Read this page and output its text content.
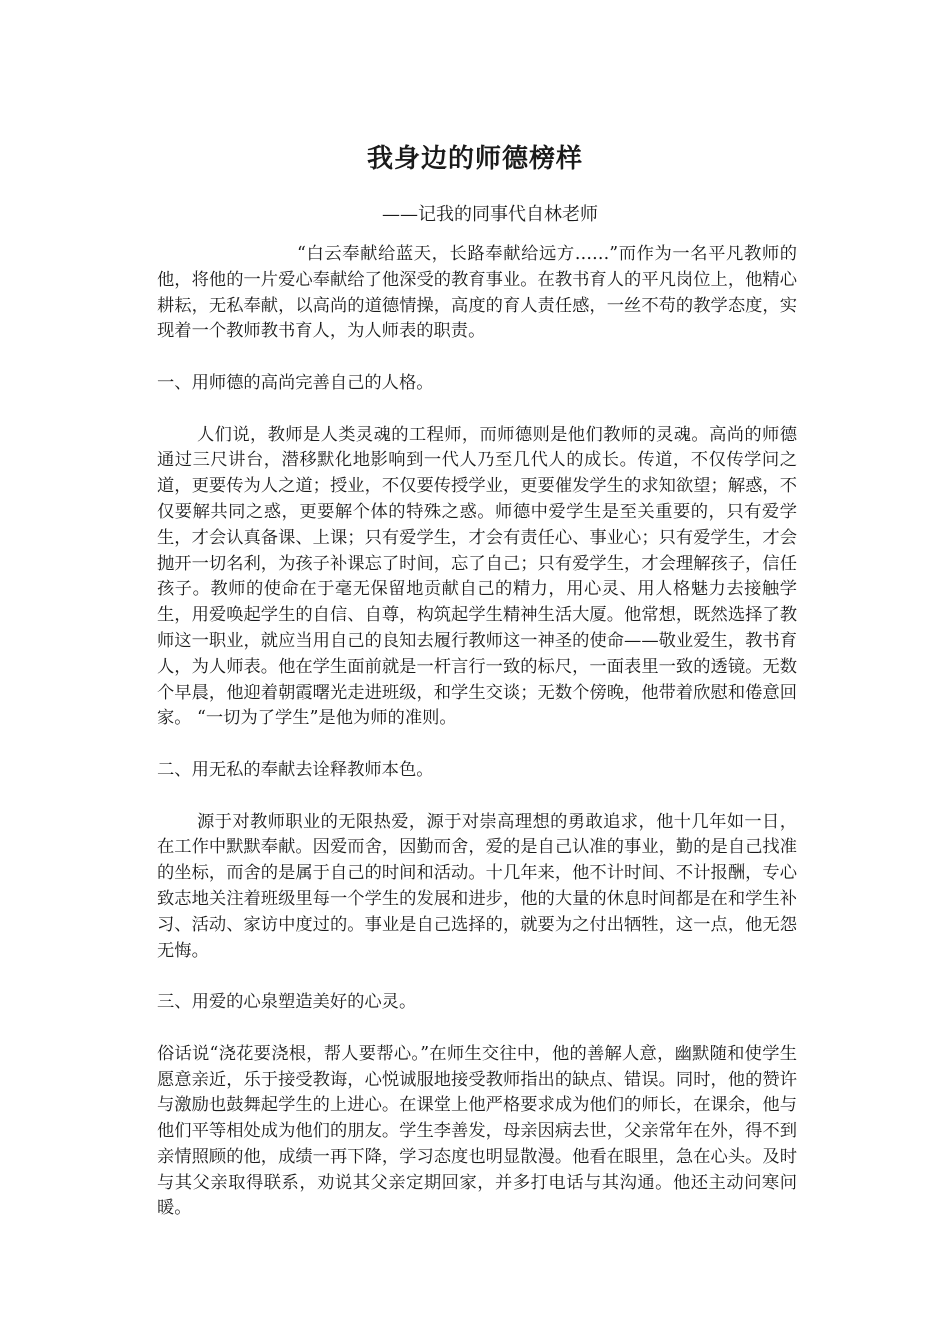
我身边的师德榜样
——记我的同事代自林老师

“白云奉献给蓝天，长路奉献给远方……”而作为一名平凡教师的他，将他的一片爱心奉献给了他深受的教育事业。在教书育人的平凡岗位上，他精心耕耘，无私奉献，以高尚的道德情操，高度的育人责任感，一丝不苟的教学态度，实现着一个教师教书育人，为人师表的职责。

一、用师德的高尚完善自己的人格。

人们说，教师是人类灵魂的工程师，而师德则是他们教师的灵魂。高尚的师德通过三尺讲台，潜移默化地影响到一代人乃至几代人的成长。传道，不仅传学问之道，更要传为人之道；授业，不仅要传授学业，更要催发学生的求知欲望；解惑，不仅要解共同之惑，更要解个体的特殊之惑。师德中爱学生是至关重要的，只有爱学生，才会认真备课、上课；只有爱学生，才会有责任心、事业心；只有爱学生，才会抛开一切名利，为孩子补课忘了时间，忘了自己；只有爱学生，才会理解孩子，信任孩子。教师的使命在于毫无保留地贡献自己的精力，用心灵、用人格魅力去接触学生，用爱唤起学生的自信、自尊，构筑起学生精神生活大厦。他常想，既然选择了教师这一职业，就应当用自己的良知去履行教师这一神圣的使命——敬业爱生，教书育人，为人师表。他在学生面前就是一杆言行一致的标尺，一面表里一致的透镜。无数个早晨，他迎着朝霞曙光走进班级，和学生交谈；无数个傍晚，他带着欣慰和倦意回家。 “一切为了学生”是他为师的准则。

二、用无私的奉献去诠释教师本色。

源于对教师职业的无限热爱，源于对崇高理想的勇敢追求，他十几年如一日，在工作中默默奉献。因爱而舍，因勤而舍，爱的是自己认准的事业，勤的是自己找准的坐标，而舍的是属于自己的时间和活动。十几年来，他不计时间、不计报酬，专心致志地关注着班级里每一个学生的发展和进步，他的大量的休息时间都是在和学生补习、活动、家访中度过的。事业是自己选择的，就要为之付出牺牲，这一点，他无怨无悔。

三、用爱的心泉塑造美好的心灵。

俗话说“浇花要浇根，帮人要帮心。”在师生交往中，他的善解人意，幽默随和使学生愿意亲近，乐于接受教诲，心悦诚服地接受教师指出的缺点、错误。同时，他的赞许与激励也鼓舞起学生的上进心。在课堂上他严格要求成为他们的师长，在课余，他与他们平等相处成为他们的朋友。学生李善发，母亲因病去世，父亲常年在外，得不到亲情照顾的他，成绩一再下降，学习态度也明显散漫。他看在眼里，急在心头。及时与其父亲取得联系，劝说其父亲定期回家，并多打电话与其沟通。他还主动问寒问暖。
